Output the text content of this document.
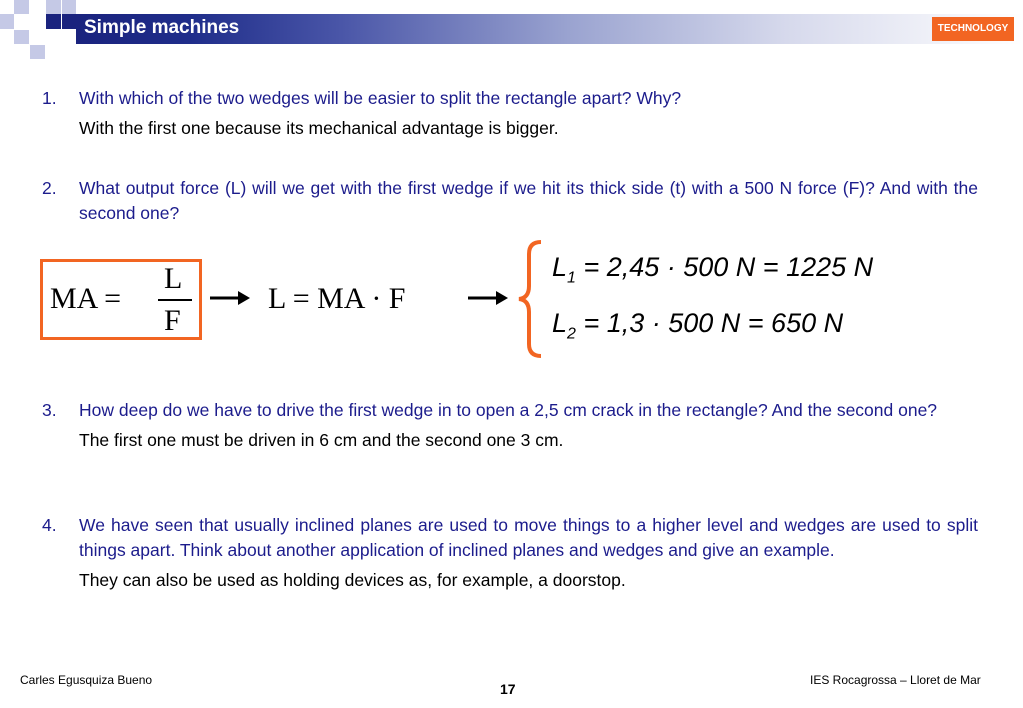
Simple machines	TECHNOLOGY
1. With which of the two wedges will be easier to split the rectangle apart? Why?
With the first one because its mechanical advantage is bigger.
2. What output force (L) will we get with the first wedge if we hit its thick side (t) with a 500 N force (F)? And with the second one?
MA =
L
F
L = MA · F
$L_1 = 2,45 \cdot 500$ N = 1225 N
$L_2 = 1,3 \cdot 500$ N = 650 N
3. How deep do we have to drive the first wedge in to open a 2,5 cm crack in the rectangle? And the second one?
The first one must be driven in 6 cm and the second one 3 cm.
4. We have seen that usually inclined planes are used to move things to a higher level and wedges are used to split things apart. Think about another application of inclined planes and wedges and give an example.
They can also be used as holding devices as, for example, a doorstop.
Carles Egusquiza Bueno
17
IES Rocagrossa – Lloret de Mar
